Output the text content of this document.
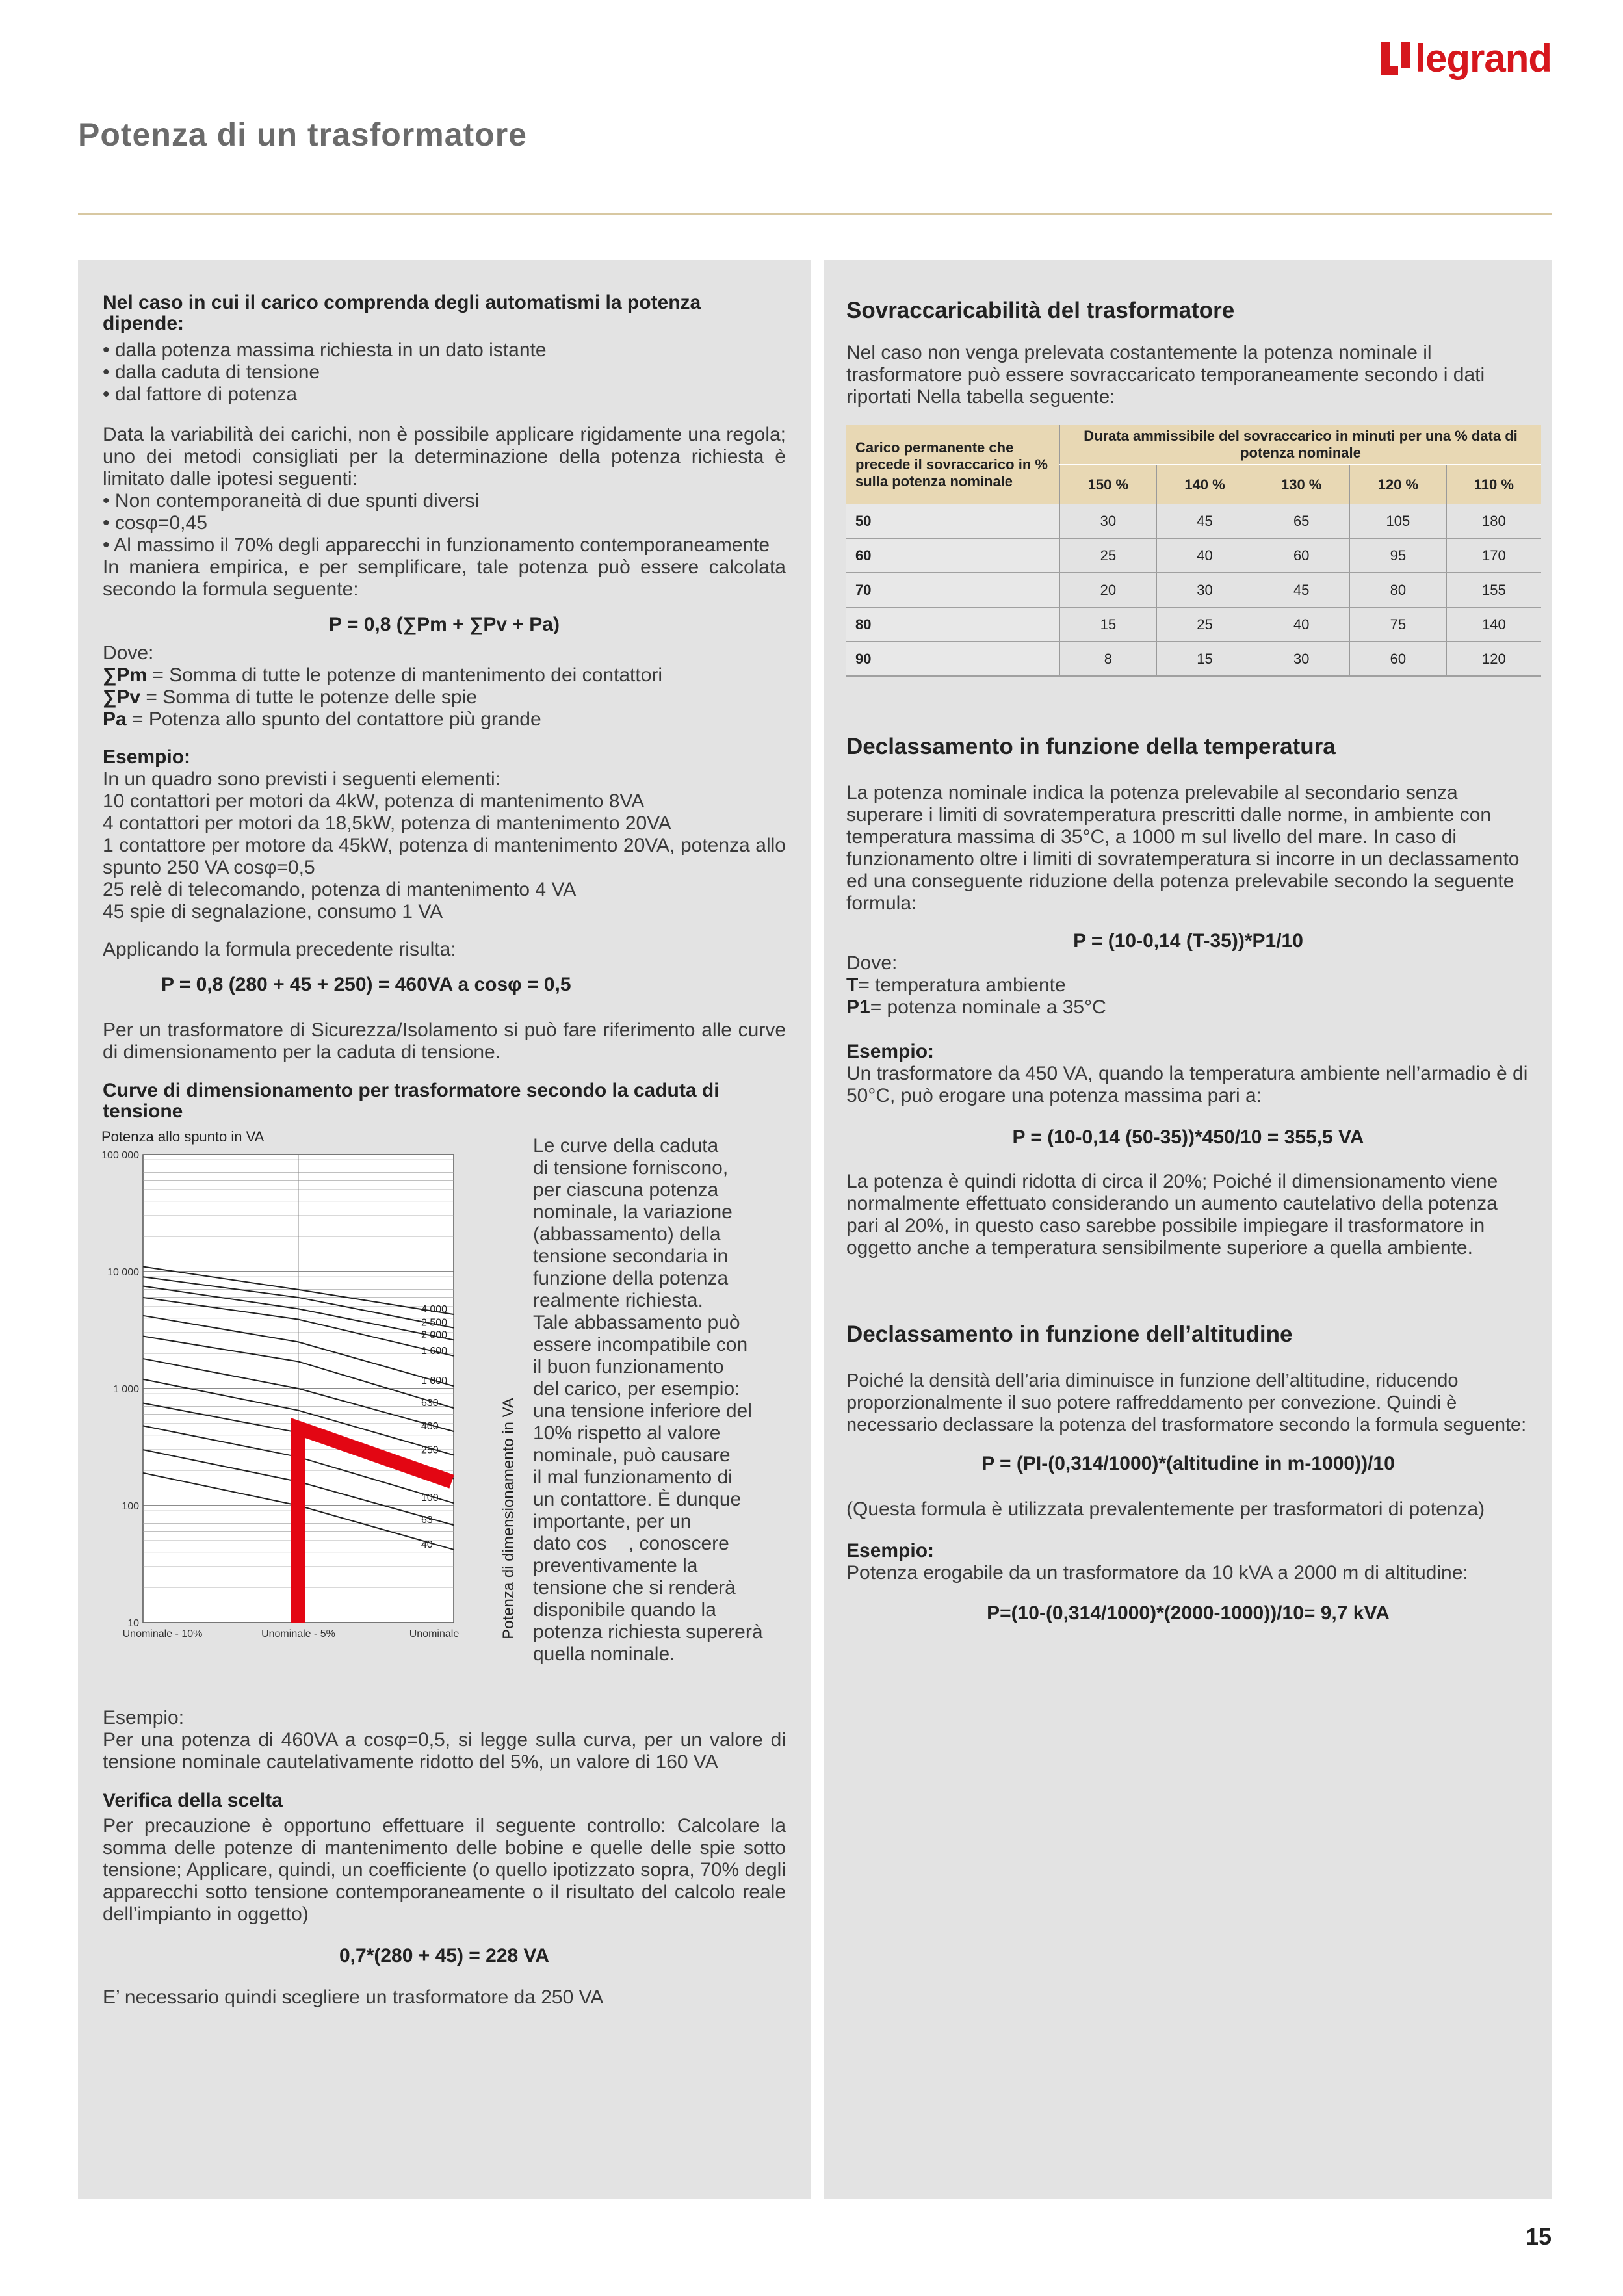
legrand
Potenza di un trasformatore

Nel caso in cui il carico comprenda degli automatismi la potenza dipende:

• dalla potenza massima richiesta in un dato istante

• dalla caduta di tensione

• dal fattore di potenza

Data la variabilità dei carichi, non è possibile applicare rigidamente una regola; uno dei metodi consigliati per la determinazione della potenza richiesta è limitato dalle ipotesi seguenti:

• Non contemporaneità di due spunti diversi

• cosφ=0,45

• Al massimo il 70% degli apparecchi in funzionamento contemporaneamente

In maniera empirica, e per semplificare, tale potenza può essere calcolata secondo la formula seguente:

P = 0,8 (∑Pm + ∑Pv + Pa)

Dove:

∑Pm = Somma di tutte le potenze di mantenimento dei contattori

∑Pv = Somma di tutte le potenze delle spie

Pa = Potenza allo spunto del contattore più grande

Esempio:

In un quadro sono previsti i seguenti elementi:

10 contattori per motori da 4kW, potenza di mantenimento 8VA

4 contattori per motori da 18,5kW, potenza di mantenimento 20VA

1 contattore per motore da 45kW, potenza di mantenimento 20VA, potenza allo spunto 250 VA cosφ=0,5

25 relè di telecomando, potenza di mantenimento 4 VA

45 spie di segnalazione, consumo 1 VA

Applicando la formula precedente risulta:

P = 0,8 (280 + 45 + 250) = 460VA a cosφ = 0,5

Per un trasformatore di Sicurezza/Isolamento si può fare riferimento alle curve di dimensionamento per la caduta di tensione.

Curve di dimensionamento per trasformatore secondo la caduta di tensione

100 000
10 000
1 000
100
10
Unominale - 10%	Unominale - 5%	Unominale
Potenza allo spunto in VA
4 000
2 500
2 000
1 600
1 000
630
400
250
160
100
63
40	Potenza di dimensionamento in VA
Le curve della caduta
di tensione forniscono,
per ciascuna potenza
nominale, la variazione
(abbassamento) della
tensione secondaria in
funzione della potenza
realmente richiesta.
Tale abbassamento può
essere incompatibile con
il buon funzionamento
del carico, per esempio:
una tensione inferiore del
10% rispetto al valore
nominale, può causare
il mal funzionamento di
un contattore. È dunque
importante, per un
dato cos    , conoscere
preventivamente la
tensione che si renderà
disponibile quando la
potenza richiesta supererà
quella nominale.

Esempio:

Per una potenza di 460VA a cosφ=0,5, si legge sulla curva, per un valore di tensione nominale cautelativamente ridotto del 5%, un valore di 160 VA

Verifica della scelta

Per precauzione è opportuno effettuare il seguente controllo: Calcolare la somma delle potenze di mantenimento delle bobine e quelle delle spie sotto tensione; Applicare, quindi, un coefficiente (o quello ipotizzato sopra, 70% degli apparecchi sotto tensione contemporaneamente o il risultato del calcolo reale dell’impianto in oggetto)

0,7*(280 + 45) = 228 VA

E’ necessario quindi scegliere un trasformatore da 250 VA

Sovraccaricabilità del trasformatore

Nel caso non venga prelevata costantemente la potenza nominale il trasformatore può essere sovraccaricato temporaneamente secondo i dati riportati Nella tabella seguente:

Carico permanente che precede il sovraccarico in % sulla potenza nominale	Durata ammissibile del sovraccarico in minuti per una % data di potenza nominale				
	150 %	140 %	130 %	120 %	110 %
50	30	45	65	105	180
60	25	40	60	95	170
70	20	30	45	80	155
80	15	25	40	75	140
90	8	15	30	60	120

Declassamento in funzione della temperatura

La potenza nominale indica la potenza prelevabile al secondario senza superare i limiti di sovratemperatura prescritti dalle norme, in ambiente con temperatura massima di 35°C, a 1000 m sul livello del mare. In caso di funzionamento oltre i limiti di sovratemperatura si incorre in un declassamento ed una conseguente riduzione della potenza prelevabile secondo la seguente formula:

P = (10-0,14 (T-35))*P1/10

Dove:

T= temperatura ambiente

P1= potenza nominale a 35°C

Esempio:

Un trasformatore da 450 VA, quando la temperatura ambiente nell’armadio è di 50°C, può erogare una potenza massima pari a:

P = (10-0,14 (50-35))*450/10 = 355,5 VA

La potenza è quindi ridotta di circa il 20%; Poiché il dimensionamento viene normalmente effettuato considerando un aumento cautelativo della potenza pari al 20%, in questo caso sarebbe possibile impiegare il trasformatore in oggetto anche a temperatura sensibilmente superiore a quella ambiente.

Declassamento in funzione dell’altitudine

Poiché la densità dell’aria diminuisce in funzione dell’altitudine, riducendo proporzionalmente il suo potere raffreddamento per convezione. Quindi è necessario declassare la potenza del trasformatore secondo la formula seguente:

P = (PI-(0,314/1000)*(altitudine in m-1000))/10

(Questa formula è utilizzata prevalentemente per trasformatori di potenza)

Esempio:

Potenza erogabile da un trasformatore da 10 kVA a 2000 m di altitudine:

P=(10-(0,314/1000)*(2000-1000))/10= 9,7 kVA

15
